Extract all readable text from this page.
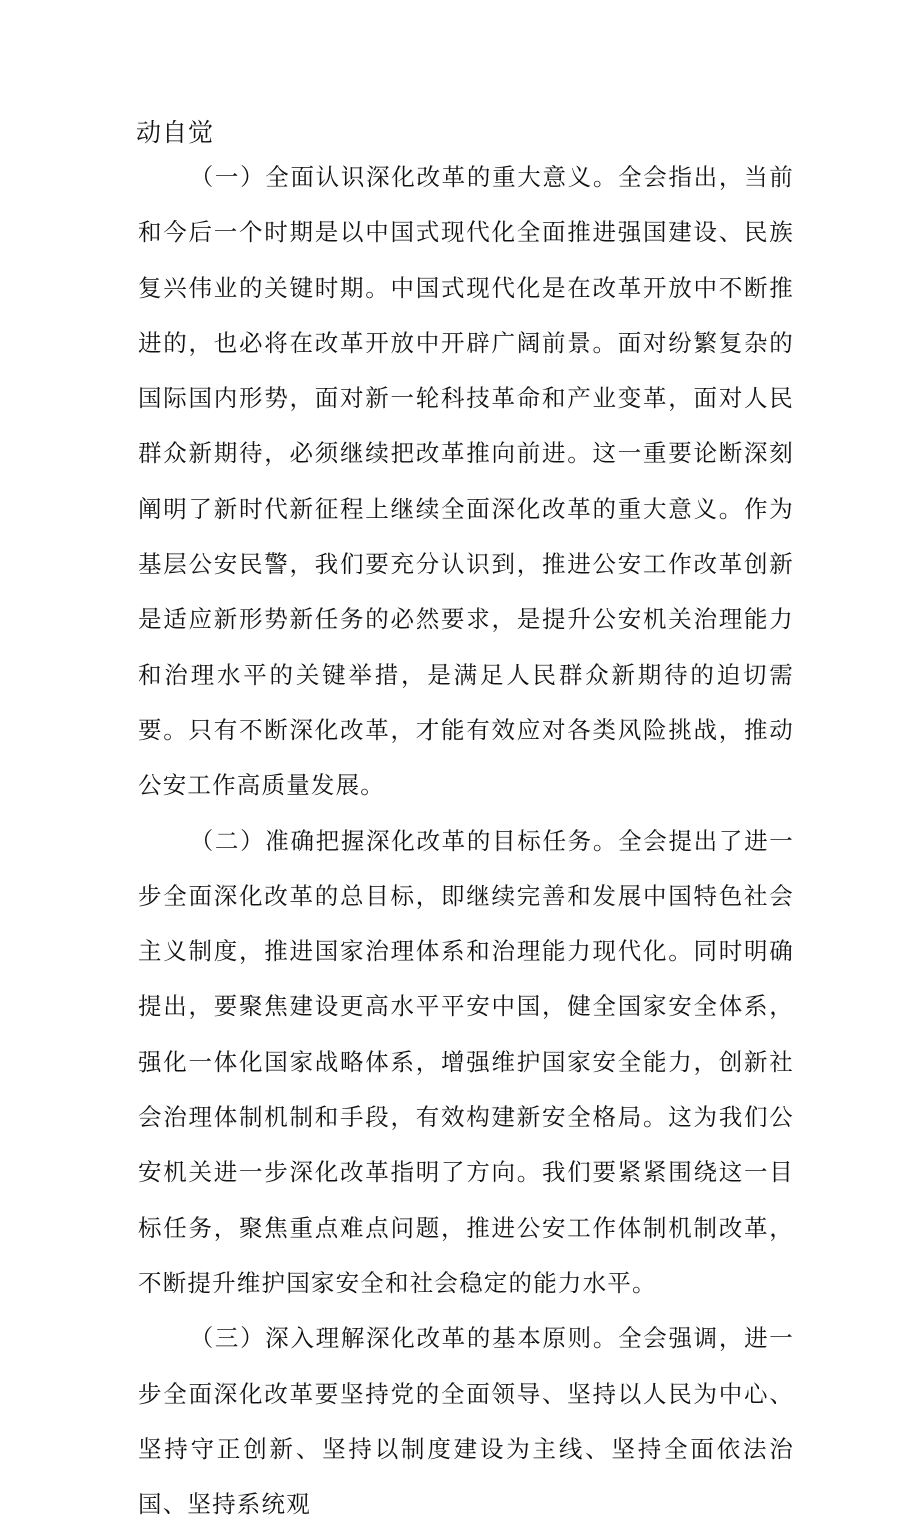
动自觉

（一）全面认识深化改革的重大意义。全会指出，当前和今后一个时期是以中国式现代化全面推进强国建设、民族复兴伟业的关键时期。中国式现代化是在改革开放中不断推进的，也必将在改革开放中开辟广阔前景。面对纷繁复杂的国际国内形势，面对新一轮科技革命和产业变革，面对人民群众新期待，必须继续把改革推向前进。这一重要论断深刻阐明了新时代新征程上继续全面深化改革的重大意义。作为基层公安民警，我们要充分认识到，推进公安工作改革创新是适应新形势新任务的必然要求，是提升公安机关治理能力和治理水平的关键举措，是满足人民群众新期待的迫切需要。只有不断深化改革，才能有效应对各类风险挑战，推动公安工作高质量发展。

（二）准确把握深化改革的目标任务。全会提出了进一步全面深化改革的总目标，即继续完善和发展中国特色社会主义制度，推进国家治理体系和治理能力现代化。同时明确提出，要聚焦建设更高水平平安中国，健全国家安全体系，强化一体化国家战略体系，增强维护国家安全能力，创新社会治理体制机制和手段，有效构建新安全格局。这为我们公安机关进一步深化改革指明了方向。我们要紧紧围绕这一目标任务，聚焦重点难点问题，推进公安工作体制机制改革，不断提升维护国家安全和社会稳定的能力水平。

（三）深入理解深化改革的基本原则。全会强调，进一步全面深化改革要坚持党的全面领导、坚持以人民为中心、坚持守正创新、坚持以制度建设为主线、坚持全面依法治国、坚持系统观
